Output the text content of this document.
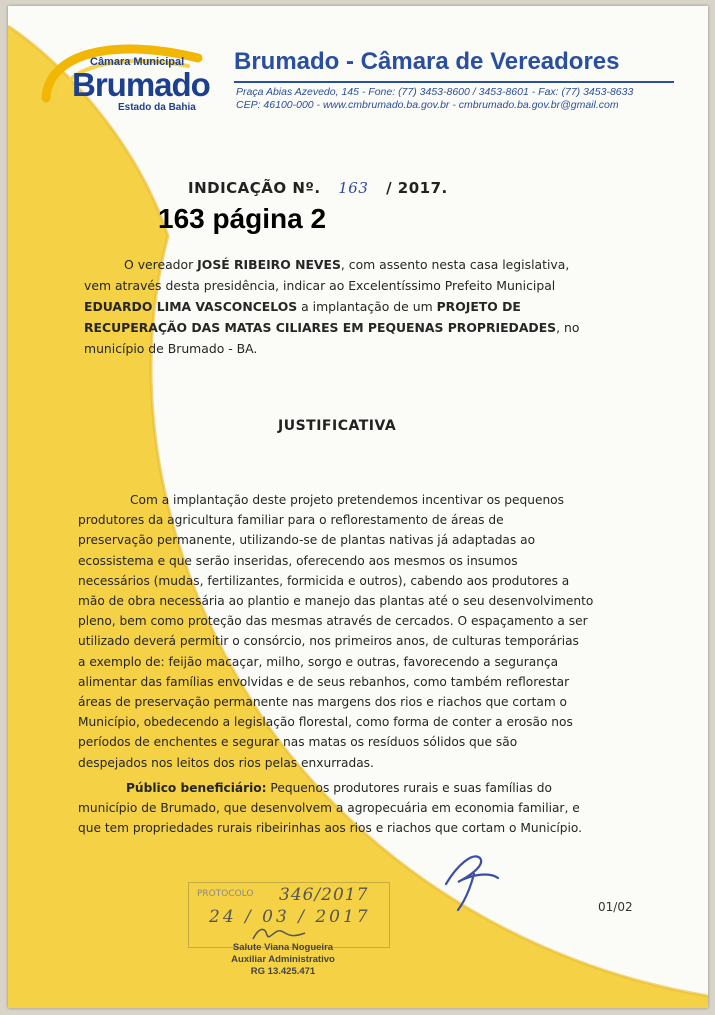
Câmara Municipal
Brumado
Estado da Bahia
Brumado - Câmara de Vereadores
Praça Abias Azevedo, 145 - Fone: (77) 3453-8600 / 3453-8601 - Fax: (77) 3453-8633
CEP: 46100-000 - www.cmbrumado.ba.gov.br - cmbrumado.ba.gov.br@gmail.com
INDICAÇÃO Nº. 163 / 2017.
163 página 2
O vereador JOSÉ RIBEIRO NEVES, com assento nesta casa legislativa,
vem através desta presidência, indicar ao Excelentíssimo Prefeito Municipal
EDUARDO LIMA VASCONCELOS a implantação de um PROJETO DE
RECUPERAÇÃO DAS MATAS CILIARES EM PEQUENAS PROPRIEDADES, no
município de Brumado - BA.
JUSTIFICATIVA
Com a implantação deste projeto pretendemos incentivar os pequenos
produtores da agricultura familiar para o reflorestamento de áreas de
preservação permanente, utilizando-se de plantas nativas já adaptadas ao
ecossistema e que serão inseridas, oferecendo aos mesmos os insumos
necessários (mudas, fertilizantes, formicida e outros), cabendo aos produtores a
mão de obra necessária ao plantio e manejo das plantas até o seu desenvolvimento
pleno, bem como proteção das mesmas através de cercados. O espaçamento a ser
utilizado deverá permitir o consórcio, nos primeiros anos, de culturas temporárias
a exemplo de: feijão macaçar, milho, sorgo e outras, favorecendo a segurança
alimentar das famílias envolvidas e de seus rebanhos, como também reflorestar
áreas de preservação permanente nas margens dos rios e riachos que cortam o
Município, obedecendo a legislação florestal, como forma de conter a erosão nos
períodos de enchentes e segurar nas matas os resíduos sólidos que são
despejados nos leitos dos rios pelas enxurradas.
Público beneficiário: Pequenos produtores rurais e suas famílias do
município de Brumado, que desenvolvem a agropecuária em economia familiar, e
que tem propriedades rurais ribeirinhas aos rios e riachos que cortam o Município.
01/02
PROTOCOLO 346/2017
24 / 03 / 2017
Salute Viana Nogueira
Auxiliar Administrativo
RG 13.425.471
